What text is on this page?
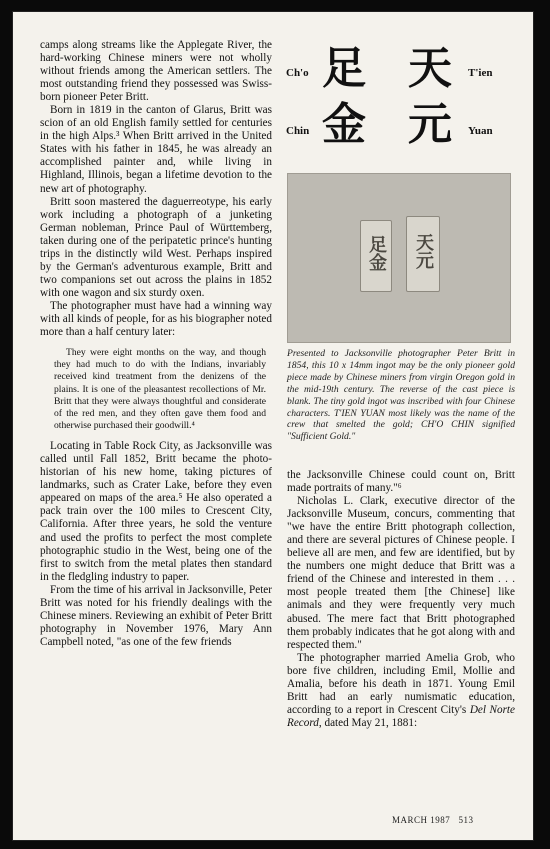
camps along streams like the Applegate River, the hard-working Chinese miners were not wholly without friends among the American settlers. The most outstanding friend they possessed was Swiss-born pioneer Peter Britt.

Born in 1819 in the canton of Glarus, Britt was scion of an old English family settled for centuries in the high Alps.³ When Britt arrived in the United States with his father in 1845, he was already an accomplished painter and, while living in Highland, Illinois, began a lifetime devotion to the new art of photography.

Britt soon mastered the daguerreotype, his early work including a photograph of a junketing German nobleman, Prince Paul of Württemberg, taken during one of the peripatetic prince's hunting trips in the distinctly wild West. Perhaps inspired by the German's adventurous example, Britt and two companions set out across the plains in 1852 with one wagon and six sturdy oxen.

The photographer must have had a winning way with all kinds of people, for as his biographer noted more than a half century later:

They were eight months on the way, and though they had much to do with the Indians, invariably received kind treatment from the denizens of the plains. It is one of the pleasantest recollections of Mr. Britt that they were always thoughtful and considerate of the red men, and they often gave them food and otherwise purchased their goodwill.⁴

Locating in Table Rock City, as Jacksonville was called until Fall 1852, Britt became the photo-historian of his new home, taking pictures of landmarks, such as Crater Lake, before they even appeared on maps of the area.⁵ He also operated a pack train over the 100 miles to Crescent City, California. After three years, he sold the venture and used the profits to perfect the most complete photographic studio in the West, being one of the first to switch from the metal plates then standard in the fledgling industry to paper.

From the time of his arrival in Jacksonville, Peter Britt was noted for his friendly dealings with the Chinese miners. Reviewing an exhibit of Peter Britt photography in November 1976, Mary Ann Campbell noted, "as one of the few friends

Ch'o 足 天 T'ien
Chin 金 元 Yuan
足金 天元

Presented to Jacksonville photographer Peter Britt in 1854, this 10 x 14mm ingot may be the only pioneer gold piece made by Chinese miners from virgin Oregon gold in the mid-19th century. The reverse of the cast piece is blank. The tiny gold ingot was inscribed with four Chinese characters. T'IEN YUAN most likely was the name of the crew that smelted the gold; CH'O CHIN signified "Sufficient Gold."

the Jacksonville Chinese could count on, Britt made portraits of many."⁶

Nicholas L. Clark, executive director of the Jacksonville Museum, concurs, commenting that "we have the entire Britt photograph collection, and there are several pictures of Chinese people. I believe all are men, and few are identified, but by the numbers one might deduce that Britt was a friend of the Chinese and interested in them . . . most people treated them [the Chinese] like animals and they were frequently very much abused. The mere fact that Britt photographed them probably indicates that he got along with and respected them."

The photographer married Amelia Grob, who bore five children, including Emil, Mollie and Amalia, before his death in 1871. Young Emil Britt had an early numismatic education, according to a report in Crescent City's Del Norte Record, dated May 21, 1881:

MARCH 1987 513
